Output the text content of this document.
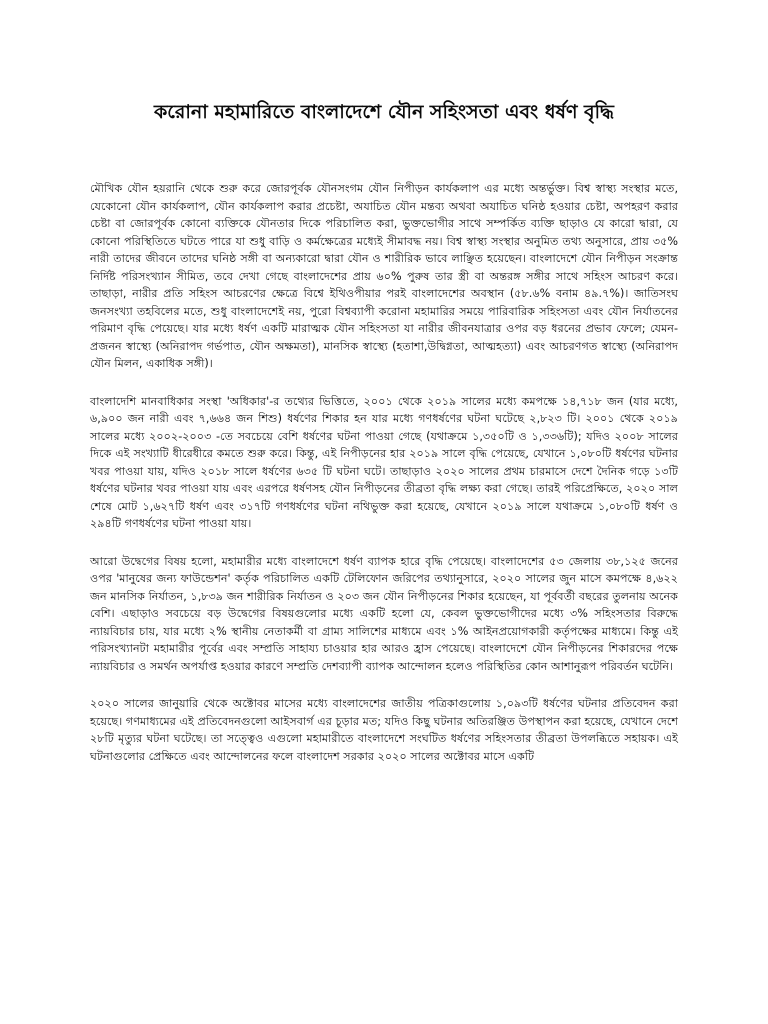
করোনা মহামারিতে বাংলাদেশে যৌন সহিংসতা এবং ধর্ষণ বৃদ্ধি

মৌখিক যৌন হয়রানি থেকে শুরু করে জোরপূর্বক যৌনসংগম যৌন নিপীড়ন কার্যকলাপ এর মধ্যে অন্তর্ভুক্ত। বিশ্ব স্বাস্থ্য সংস্থার মতে, যেকোনো যৌন কার্যকলাপ, যৌন কার্যকলাপ করার প্রচেষ্টা, অযাচিত যৌন মন্তব্য অথবা অযাচিত ঘনিষ্ঠ হওয়ার চেষ্টা, অপহরণ করার চেষ্টা বা জোরপূর্বক কোনো ব্যক্তিকে যৌনতার দিকে পরিচালিত করা, ভুক্তভোগীর সাথে সম্পর্কিত ব্যক্তি ছাড়াও যে কারো দ্বারা, যে কোনো পরিস্থিতিতে ঘটতে পারে যা শুধু বাড়ি ও কর্মক্ষেত্রের মধ্যেই সীমাবদ্ধ নয়। বিশ্ব স্বাস্থ্য সংস্থার অনুমিত তথ্য অনুসারে, প্রায় ৩৫% নারী তাদের জীবনে তাদের ঘনিষ্ঠ সঙ্গী বা অন্যকারো দ্বারা যৌন ও শারীরিক ভাবে লাঞ্ছিত হয়েছেন। বাংলাদেশে যৌন নিপীড়ন সংক্রান্ত নির্দিষ্ট পরিসংখ্যান সীমিত, তবে দেখা গেছে বাংলাদেশের প্রায় ৬০% পুরুষ তার স্ত্রী বা অন্তরঙ্গ সঙ্গীর সাথে সহিংস আচরণ করে। তাছাড়া, নারীর প্রতি সহিংস আচরণের ক্ষেত্রে বিশ্বে ইথিওপীয়ার পরই বাংলাদেশের অবস্থান (৫৮.৬% বনাম ৪৯.৭%)। জাতিসংঘ জনসংখ্যা তহবিলের মতে, শুধু বাংলাদেশেই নয়, পুরো বিশ্বব্যাপী করোনা মহামারির সময়ে পারিবারিক সহিংসতা এবং যৌন নির্যাতনের পরিমাণ বৃদ্ধি পেয়েছে। যার মধ্যে ধর্ষণ একটি মারাত্মক যৌন সহিংসতা যা নারীর জীবনযাত্রার ওপর বড় ধরনের প্রভাব ফেলে; যেমন- প্রজনন স্বাস্থ্যে (অনিরাপদ গর্ভপাত, যৌন অক্ষমতা), মানসিক স্বাস্থ্যে (হতাশা,উদ্বিগ্নতা, আত্মহত্যা) এবং আচরণগত স্বাস্থ্যে (অনিরাপদ যৌন মিলন, একাধিক সঙ্গী)।

বাংলাদেশি মানবাধিকার সংস্থা 'অধিকার'-র তথ্যের ভিত্তিতে, ২০০১ থেকে ২০১৯ সালের মধ্যে কমপক্ষে ১৪,৭১৮ জন (যার মধ্যে, ৬,৯০০ জন নারী এবং ৭,৬৬৪ জন শিশু) ধর্ষণের শিকার হন যার মধ্যে গণধর্ষণের ঘটনা ঘটেছে ২,৮২৩ টি। ২০০১ থেকে ২০১৯ সালের মধ্যে ২০০২-২০০৩ -তে সবচেয়ে বেশি ধর্ষণের ঘটনা পাওয়া গেছে (যথাক্রমে ১,৩৫০টি ও ১,৩৩৬টি); যদিও ২০০৮ সালের দিকে এই সংখ্যাটি ধীরেধীরে কমতে শুরু করে। কিন্তু, এই নিপীড়নের হার ২০১৯ সালে বৃদ্ধি পেয়েছে, যেখানে ১,০৮০টি ধর্ষণের ঘটনার খবর পাওয়া যায়, যদিও ২০১৮ সালে ধর্ষণের ৬৩৫ টি ঘটনা ঘটে। তাছাড়াও ২০২০ সালের প্রথম চারমাসে দেশে দৈনিক গড়ে ১৩টি ধর্ষণের ঘটনার খবর পাওয়া যায় এবং এরপরে ধর্ষণসহ যৌন নিপীড়নের তীব্রতা বৃদ্ধি লক্ষ্য করা গেছে। তারই পরিপ্রেক্ষিতে, ২০২০ সাল শেষে মোট ১,৬২৭টি ধর্ষণ এবং ৩১৭টি গণধর্ষণের ঘটনা নথিভুক্ত করা হয়েছে, যেখানে ২০১৯ সালে যথাক্রমে ১,০৮০টি ধর্ষণ ও ২৯৪টি গণধর্ষণের ঘটনা পাওয়া যায়।

আরো উদ্বেগের বিষয় হলো, মহামারীর মধ্যে বাংলাদেশে ধর্ষণ ব্যাপক হারে বৃদ্ধি পেয়েছে। বাংলাদেশের ৫৩ জেলায় ৩৮,১২৫ জনের ওপর 'মানুষের জন্য ফাউন্ডেশন' কর্তৃক পরিচালিত একটি টেলিফোন জরিপের তথ্যানুসারে, ২০২০ সালের জুন মাসে কমপক্ষে ৪,৬২২ জন মানসিক নির্যাতন, ১,৮৩৯ জন শারীরিক নির্যাতন ও ২০৩ জন যৌন নিপীড়নের শিকার হয়েছেন, যা পূর্ববর্তী বছরের তুলনায় অনেক বেশি। এছাড়াও সবচেয়ে বড় উদ্বেগের বিষয়গুলোর মধ্যে একটি হলো যে, কেবল ভুক্তভোগীদের মধ্যে ৩% সহিংসতার বিরুদ্ধে ন্যায়বিচার চায়, যার মধ্যে ২% স্থানীয় নেতাকর্মী বা গ্রাম্য সালিশের মাধ্যমে এবং ১% আইনপ্রয়োগকারী কর্তৃপক্ষের মাধ্যমে। কিন্তু এই পরিসংখ্যানটা মহামারীর পূর্বের এবং সম্প্রতি সাহায্য চাওয়ার হার আরও হ্রাস পেয়েছে। বাংলাদেশে যৌন নিপীড়নের শিকারদের পক্ষে ন্যায়বিচার ও সমর্থন অপর্যাপ্ত হওয়ার কারণে সম্প্রতি দেশব্যাপী ব্যাপক আন্দোলন হলেও পরিস্থিতির কোন আশানুরূপ পরিবর্তন ঘটেনি।

২০২০ সালের জানুয়ারি থেকে অক্টোবর মাসের মধ্যে বাংলাদেশের জাতীয় পত্রিকাগুলোয় ১,০৯৩টি ধর্ষণের ঘটনার প্রতিবেদন করা হয়েছে। গণমাধ্যমের এই প্রতিবেদনগুলো আইসবার্গ এর চূড়ার মত; যদিও কিছু ঘটনার অতিরঞ্জিত উপস্থাপন করা হয়েছে, যেখানে দেশে ২৮টি মৃত্যুর ঘটনা ঘটেছে। তা সত্ত্বেও এগুলো মহামারীতে বাংলাদেশে সংঘটিত ধর্ষণের সহিংসতার তীব্রতা উপলব্ধিতে সহায়ক। এই ঘটনাগুলোর প্রেক্ষিতে এবং আন্দোলনের ফলে বাংলাদেশ সরকার ২০২০ সালের অক্টোবর মাসে একটি
